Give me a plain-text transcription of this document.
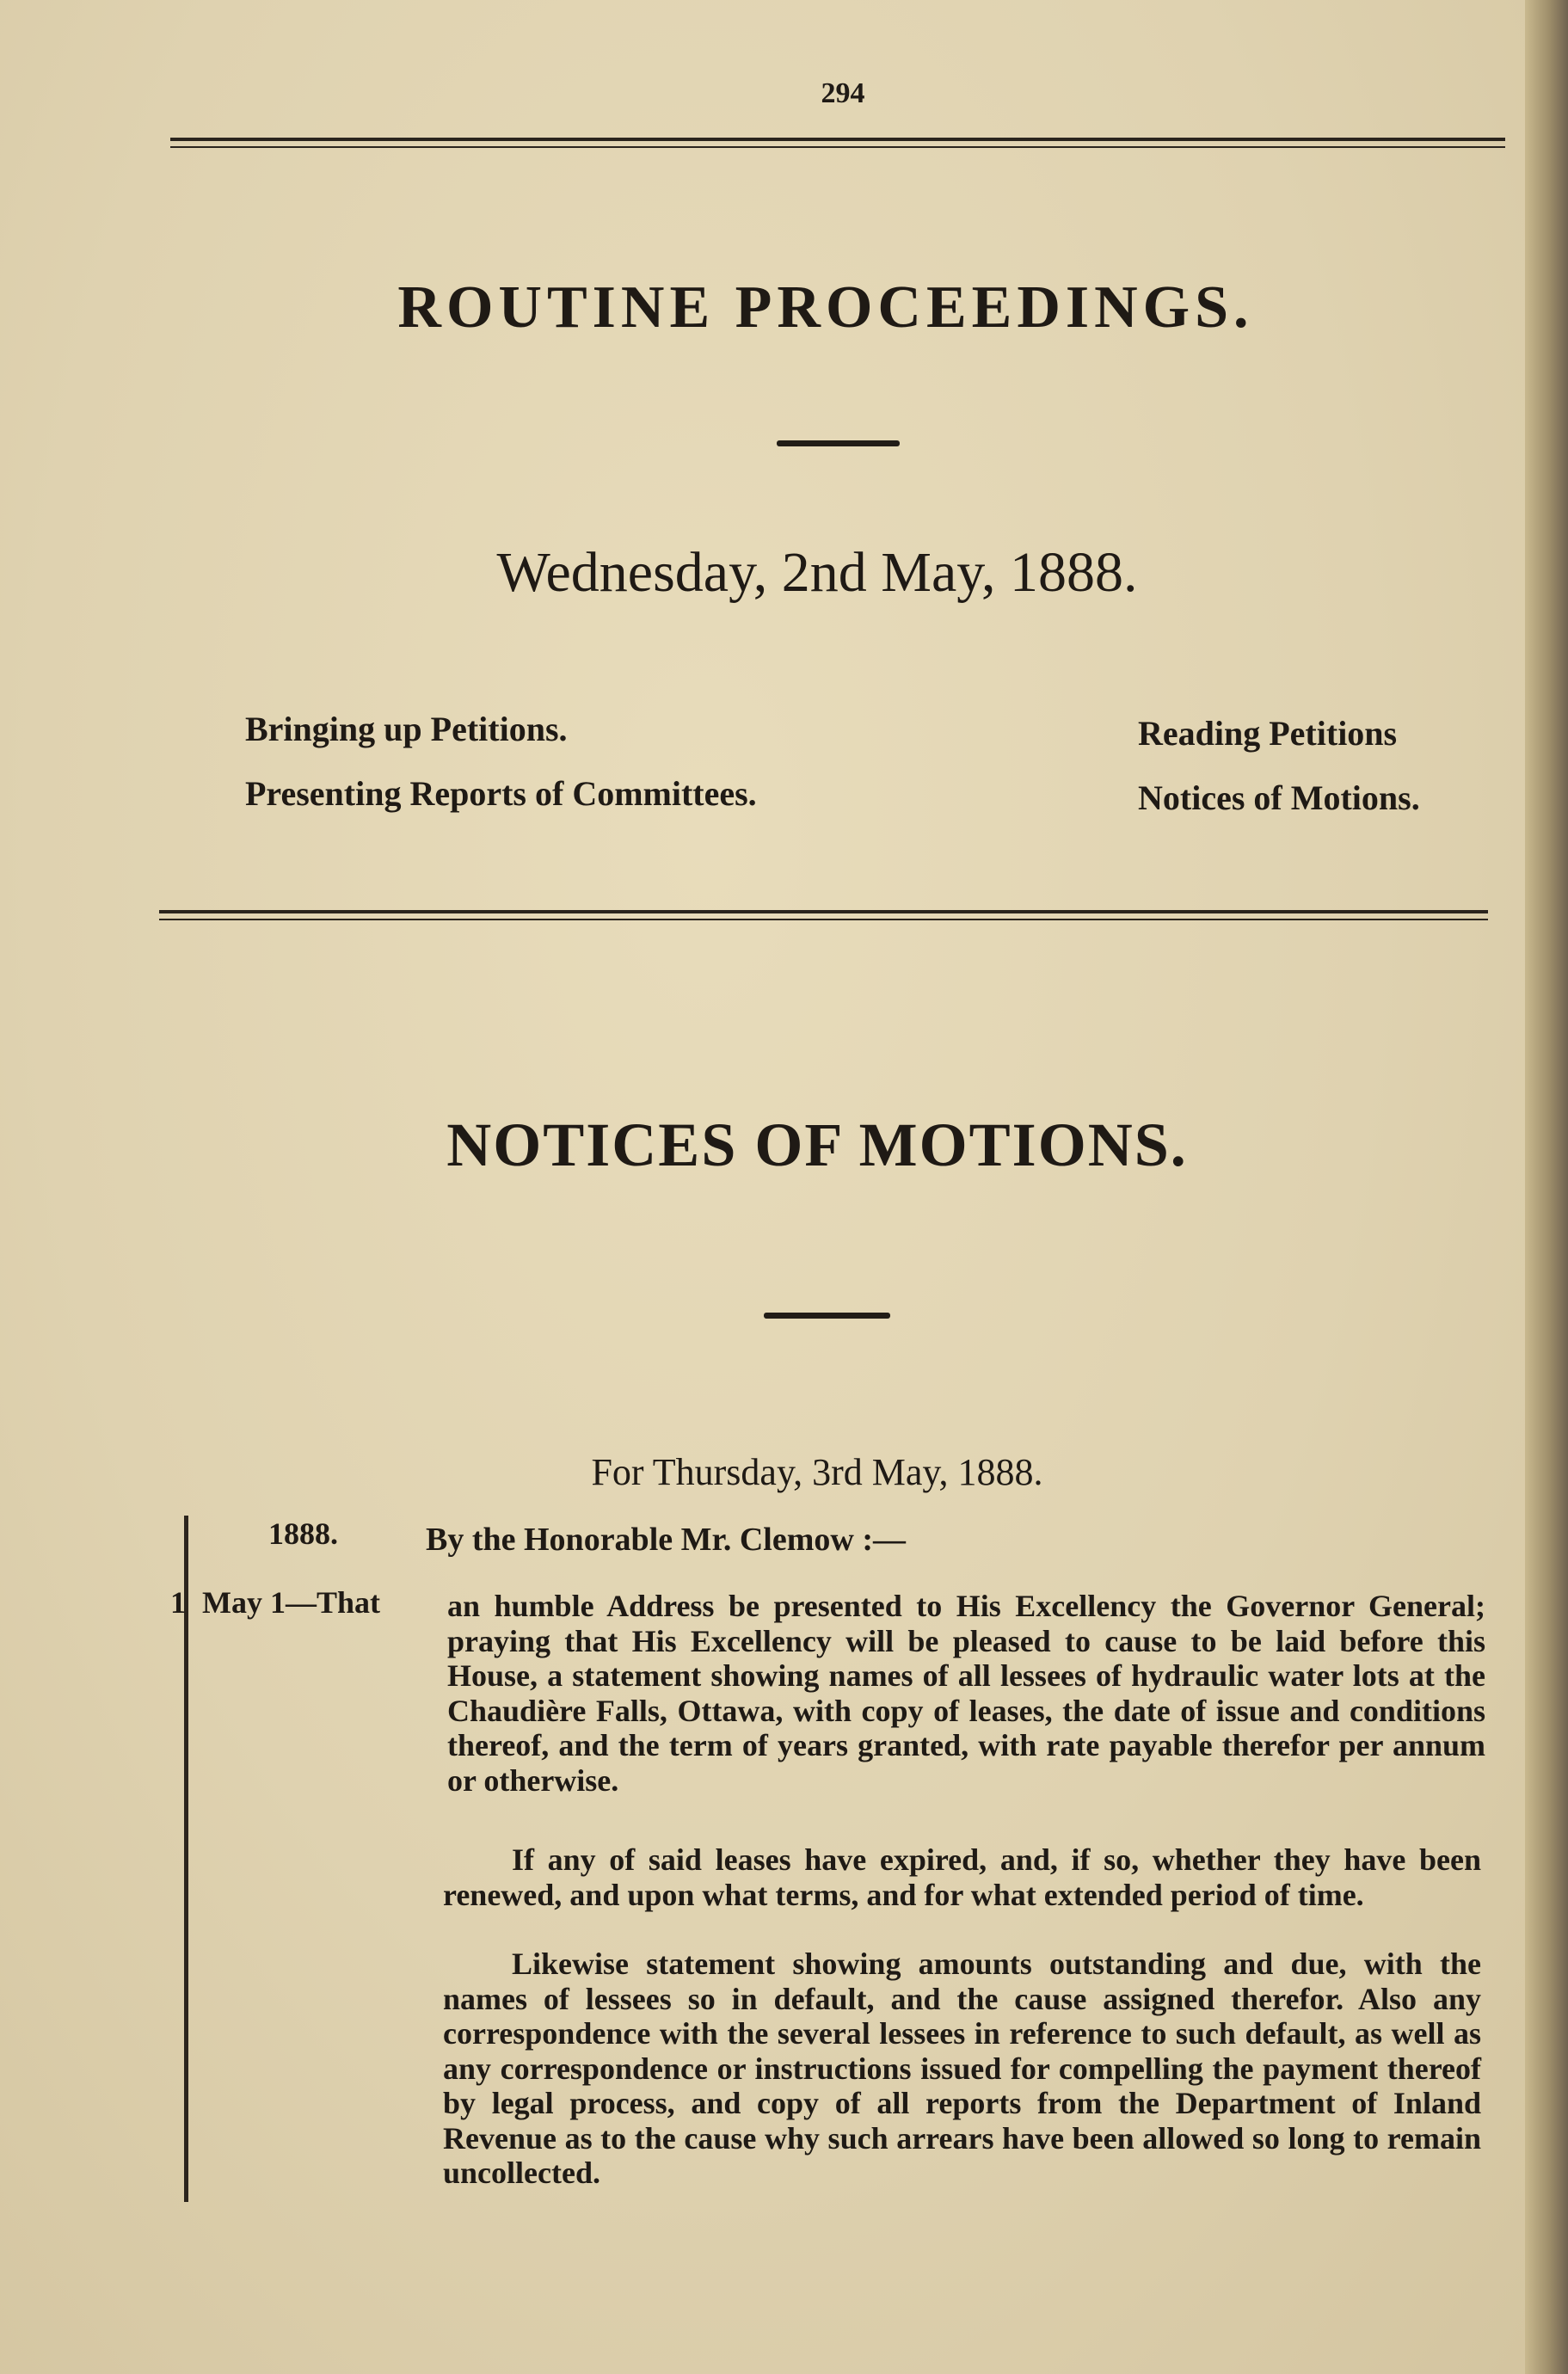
294
ROUTINE PROCEEDINGS.
Wednesday, 2nd May, 1888.
Bringing up Petitions.
Presenting Reports of Committees.
Reading Petitions
Notices of Motions.
NOTICES OF MOTIONS.
For Thursday, 3rd May, 1888.
1
1888.	By the Honorable Mr. Clemow :—
May 1—That an humble Address be presented to His Excellency the Governor General; praying that His Excellency will be pleased to cause to be laid before this House, a statement showing names of all lessees of hydraulic water lots at the Chaudière Falls, Ottawa, with copy of leases, the date of issue and conditions thereof, and the term of years granted, with rate payable therefor per annum or otherwise.
If any of said leases have expired, and, if so, whether they have been renewed, and upon what terms, and for what extended period of time.
Likewise statement showing amounts outstanding and due, with the names of lessees so in default, and the cause assigned therefor. Also any correspondence with the several lessees in reference to such default, as well as any correspondence or instructions issued for compelling the payment thereof by legal process, and copy of all reports from the Department of Inland Revenue as to the cause why such arrears have been allowed so long to remain uncollected.
